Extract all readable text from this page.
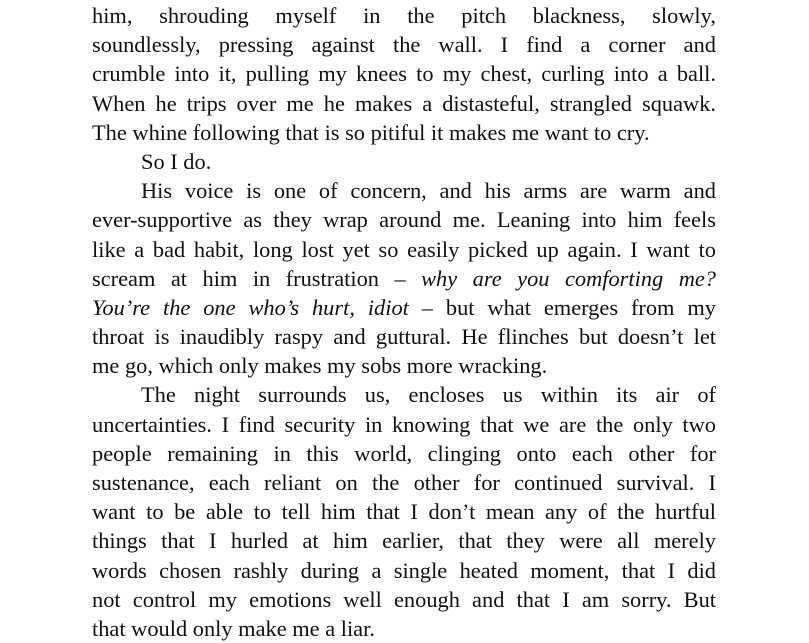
him, shrouding myself in the pitch blackness, slowly,
soundlessly, pressing against the wall. I find a corner and
crumble into it, pulling my knees to my chest, curling into a ball.
When he trips over me he makes a distasteful, strangled squawk.
The whine following that is so pitiful it makes me want to cry.
So I do.
His voice is one of concern, and his arms are warm and
ever-supportive as they wrap around me. Leaning into him feels
like a bad habit, long lost yet so easily picked up again. I want to
scream at him in frustration – why are you comforting me?
You’re the one who’s hurt, idiot – but what emerges from my
throat is inaudibly raspy and guttural. He flinches but doesn’t let
me go, which only makes my sobs more wracking.
The night surrounds us, encloses us within its air of
uncertainties. I find security in knowing that we are the only two
people remaining in this world, clinging onto each other for
sustenance, each reliant on the other for continued survival. I
want to be able to tell him that I don’t mean any of the hurtful
things that I hurled at him earlier, that they were all merely
words chosen rashly during a single heated moment, that I did
not control my emotions well enough and that I am sorry. But
that would only make me a liar.
